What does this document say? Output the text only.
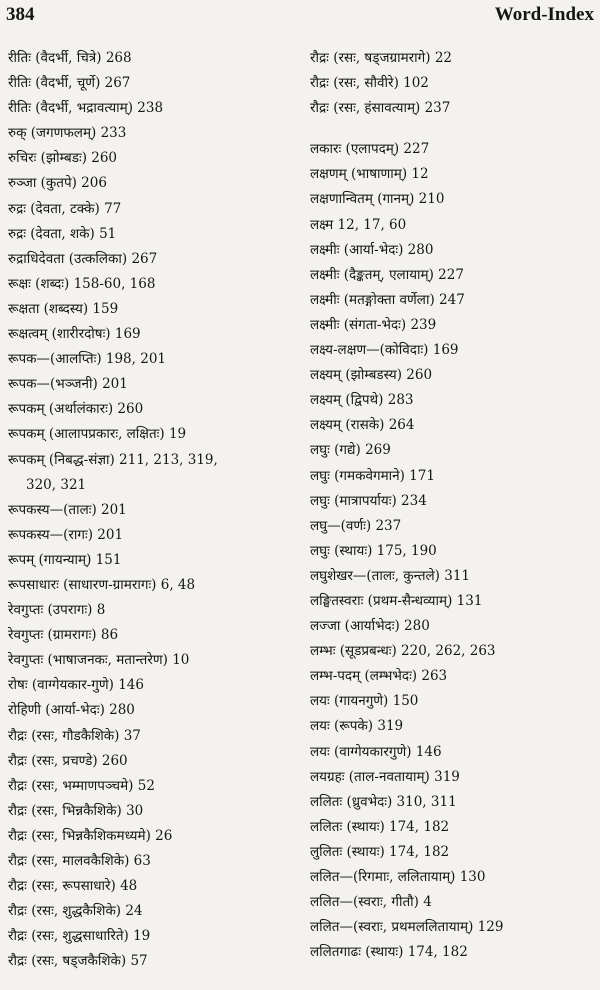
384	Word-Index
रीतिः (वैदर्भी, चित्रे) 268
रीतिः (वैदर्भी, चूर्णे) 267
रीतिः (वैदर्भी, भद्रावत्याम्) 238
रुक् (जगणफलम्) 233
रुचिरः (झोम्बडः) 260
रुञ्जा (कुतपे) 206
रुद्रः (देवता, टक्के) 77
रुद्रः (देवता, शके) 51
रुद्राधिदेवता (उत्कलिका) 267
रूक्षः (शब्दः) 158-60, 168
रूक्षता (शब्दस्य) 159
रूक्षत्वम् (शारीरदोषः) 169
रूपक—(आलप्तिः) 198, 201
रूपक—(भञ्जनी) 201
रूपकम् (अर्थालंकारः) 260
रूपकम् (आलापप्रकारः, लक्षितः) 19
रूपकम् (निबद्ध-संज्ञा) 211, 213, 319,
320, 321
रूपकस्य—(तालः) 201
रूपकस्य—(रागः) 201
रूपम् (गायन्याम्) 151
रूपसाधारः (साधारण-ग्रामरागः) 6, 48
रेवगुप्तः (उपरागः) 8
रेवगुप्तः (ग्रामरागः) 86
रेवगुप्तः (भाषाजनकः, मतान्तरेण) 10
रोषः (वाग्गेयकार-गुणे) 146
रोहिणी (आर्या-भेदः) 280
रौद्रः (रसः, गौडकैशिके) 37
रौद्रः (रसः, प्रचण्डे) 260
रौद्रः (रसः, भम्माणपञ्चमे) 52
रौद्रः (रसः, भिन्नकैशिके) 30
रौद्रः (रसः, भिन्नकैशिकमध्यमे) 26
रौद्रः (रसः, मालवकैशिके) 63
रौद्रः (रसः, रूपसाधारे) 48
रौद्रः (रसः, शुद्धकैशिके) 24
रौद्रः (रसः, शुद्धसाधारिते) 19
रौद्रः (रसः, षड्जकैशिके) 57
रौद्रः (रसः, षड्जग्रामरागे) 22
रौद्रः (रसः, सौवीरे) 102
रौद्रः (रसः, हंसावत्याम्) 237
लकारः (एलापदम्) 227
लक्षणम् (भाषाणाम्) 12
लक्षणान्वितम् (गानम्) 210
लक्ष्म 12, 17, 60
लक्ष्मीः (आर्या-भेदः) 280
लक्ष्मीः (दैङ्कतम्, एलायाम्) 227
लक्ष्मीः (मतङ्गोक्ता वर्णेला) 247
लक्ष्मीः (संगता-भेदः) 239
लक्ष्य-लक्षण—(कोविदाः) 169
लक्ष्यम् (झोम्बडस्य) 260
लक्ष्यम् (द्विपथे) 283
लक्ष्यम् (रासके) 264
लघुः (गद्ये) 269
लघुः (गमकवेगमाने) 171
लघुः (मात्रापर्यायः) 234
लघु—(वर्णः) 237
लघुः (स्थायः) 175, 190
लघुशेखर—(तालः, कुन्तले) 311
लङ्घितस्वराः (प्रथम-सैन्धव्याम्) 131
लज्जा (आर्याभेदः) 280
लम्भः (सूडप्रबन्धः) 220, 262, 263
लम्भ-पदम् (लम्भभेदः) 263
लयः (गायनगुणे) 150
लयः (रूपके) 319
लयः (वाग्गेयकारगुणे) 146
लयग्रहः (ताल-नवतायाम्) 319
ललितः (ध्रुवभेदः) 310, 311
ललितः (स्थायः) 174, 182
लुलितः (स्थायः) 174, 182
ललित—(रिगमाः, ललितायाम्) 130
ललित—(स्वराः, गीतौ) 4
ललित—(स्वराः, प्रथमललितायाम्) 129
ललितगाढः (स्थायः) 174, 182
